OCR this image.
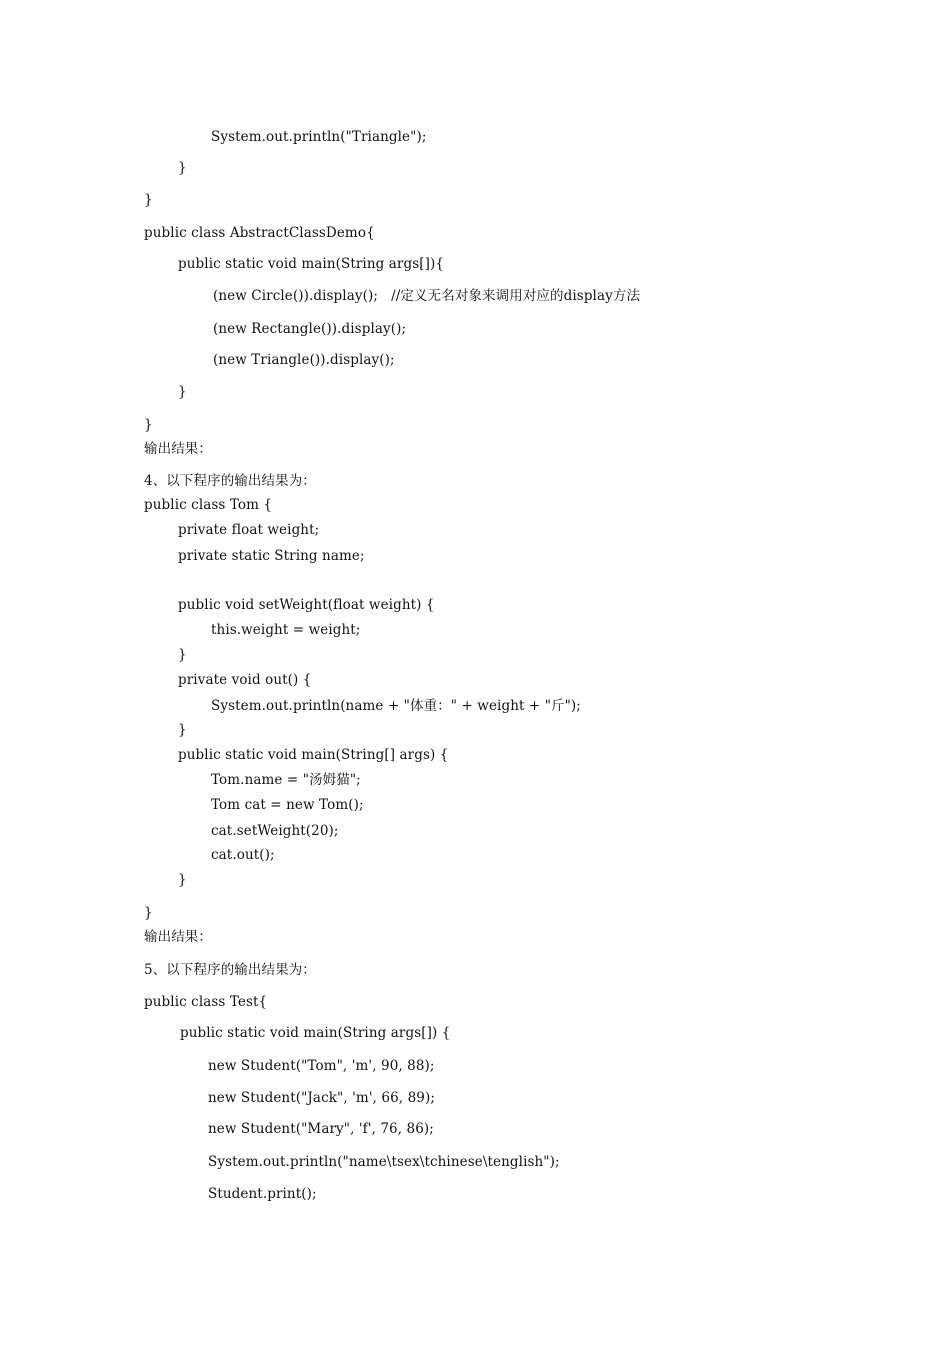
System.out.println("Triangle");
}
}
public class AbstractClassDemo{
public static void main(String args[]){
(new Circle()).display();   //定义无名对象来调用对应的display方法
(new Rectangle()).display();
(new Triangle()).display();
}
}
输出结果：
4、以下程序的输出结果为：
public class Tom {
private float weight;
private static String name;
public void setWeight(float weight) {
this.weight = weight;
}
private void out() {
System.out.println(name + "体重：" + weight + "斤");
}
public static void main(String[] args) {
Tom.name = "汤姆猫";
Tom cat = new Tom();
cat.setWeight(20);
cat.out();
}
}
输出结果：
5、以下程序的输出结果为：
public class Test{
public static void main(String args[]) {
new Student("Tom", 'm', 90, 88);
new Student("Jack", 'm', 66, 89);
new Student("Mary", 'f', 76, 86);
System.out.println("name\tsex\tchinese\tenglish");
Student.print();
